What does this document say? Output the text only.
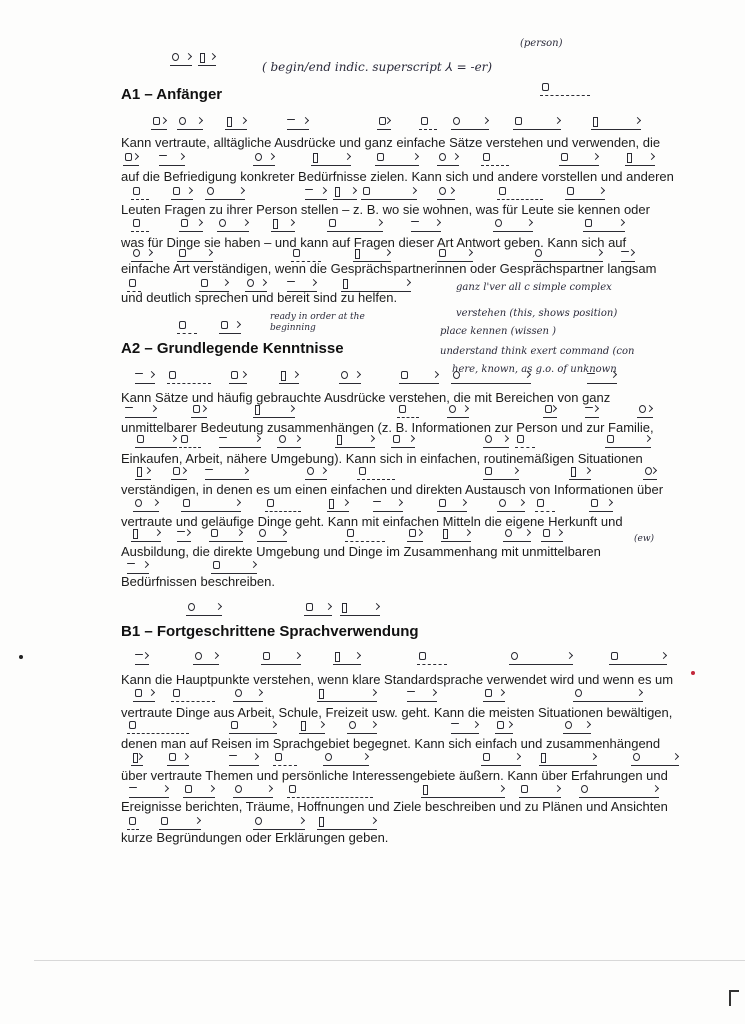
(person)

( begin/end indic. superscript ⅄ = -er)

A1 – Anfänger

Kann vertraute, alltägliche Ausdrücke und ganz einfache Sätze verstehen und verwenden, die

auf die Befriedigung konkreter Bedürfnisse zielen. Kann sich und andere vorstellen und anderen

Leuten Fragen zu ihrer Person stellen – z. B. wo sie wohnen, was für Leute sie kennen oder

was für Dinge sie haben – und kann auf Fragen dieser Art Antwort geben. Kann sich auf

einfache Art verständigen, wenn die Gesprächspartnerinnen oder Gesprächspartner langsam

und deutlich sprechen und bereit sind zu helfen.

ganz l'ver all c simple complex

verstehen (this, shows position)

place kennen (wissen )

understand think exert command (con

here, known, as g.o. of unknown

ready in order at the beginning

A2 – Grundlegende Kenntnisse

Kann Sätze und häufig gebrauchte Ausdrücke verstehen, die mit Bereichen von ganz

unmittelbarer Bedeutung zusammenhängen (z. B. Informationen zur Person und zur Familie,

Einkaufen, Arbeit, nähere Umgebung). Kann sich in einfachen, routinemäßigen Situationen

verständigen, in denen es um einen einfachen und direkten Austausch von Informationen über

vertraute und geläufige Dinge geht. Kann mit einfachen Mitteln die eigene Herkunft und

(ew)

Ausbildung, die direkte Umgebung und Dinge im Zusammenhang mit unmittelbaren

Bedürfnissen beschreiben.

B1 – Fortgeschrittene Sprachverwendung

Kann die Hauptpunkte verstehen, wenn klare Standardsprache verwendet wird und wenn es um

vertraute Dinge aus Arbeit, Schule, Freizeit usw. geht. Kann die meisten Situationen bewältigen,

denen man auf Reisen im Sprachgebiet begegnet. Kann sich einfach und zusammenhängend

über vertraute Themen und persönliche Interessengebiete äußern. Kann über Erfahrungen und

Ereignisse berichten, Träume, Hoffnungen und Ziele beschreiben und zu Plänen und Ansichten

kurze Begründungen oder Erklärungen geben.
